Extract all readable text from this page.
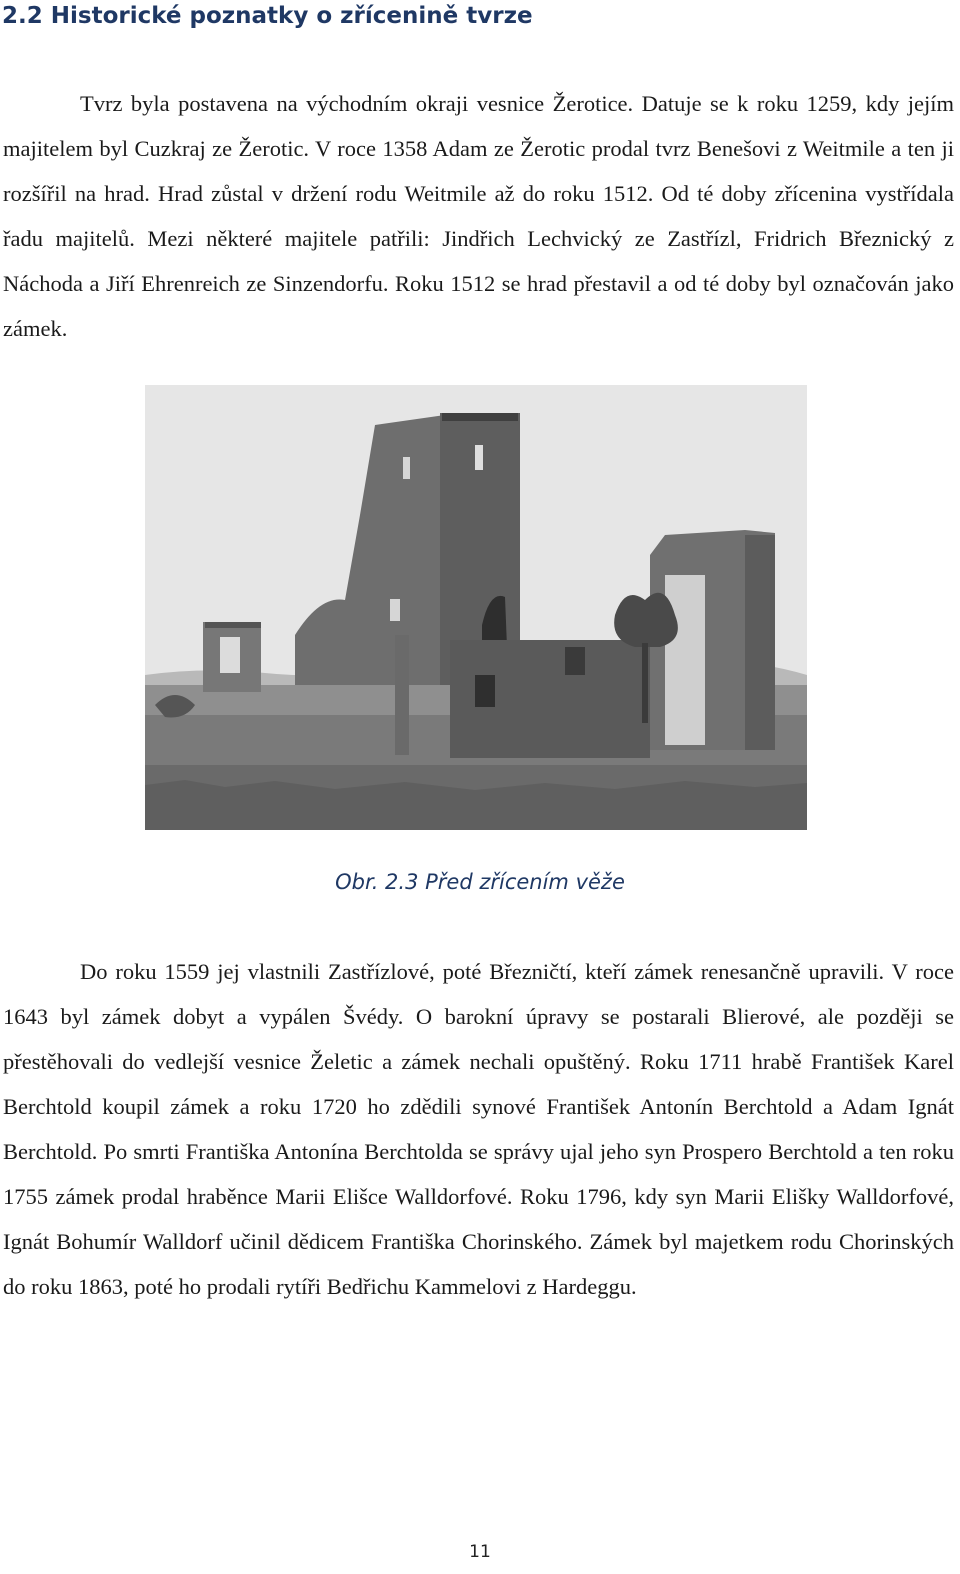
2.2 Historické poznatky o zřícenině tvrze

Tvrz byla postavena na východním okraji vesnice Žerotice. Datuje se k roku 1259, kdy jejím majitelem byl Cuzkraj ze Žerotic. V roce 1358 Adam ze Žerotic prodal tvrz Benešovi z Weitmile a ten ji rozšířil na hrad. Hrad zůstal v držení rodu Weitmile až do roku 1512. Od té doby zřícenina vystřídala řadu majitelů. Mezi některé majitele patřili: Jindřich Lechvický ze Zastřízl, Fridrich Březnický z Náchoda a Jiří Ehrenreich ze Sinzendorfu. Roku 1512 se hrad přestavil a od té doby byl označován jako zámek.

Obr. 2.3 Před zřícením věže

Do roku 1559 jej vlastnili Zastřízlové, poté Březničtí, kteří zámek renesančně upravili. V roce 1643 byl zámek dobyt a vypálen Švédy. O barokní úpravy se postarali Blierové, ale později se přestěhovali do vedlejší vesnice Želetic a zámek nechali opuštěný. Roku 1711 hrabě František Karel Berchtold koupil zámek a roku 1720 ho zdědili synové František Antonín Berchtold a Adam Ignát Berchtold. Po smrti Františka Antonína Berchtolda se správy ujal jeho syn Prospero Berchtold a ten roku 1755 zámek prodal hraběnce Marii Elišce Walldorfové. Roku 1796, kdy syn Marii Elišky Walldorfové, Ignát Bohumír Walldorf učinil dědicem Františka Chorinského. Zámek byl majetkem rodu Chorinských do roku 1863, poté ho prodali rytíři Bedřichu Kammelovi z Hardeggu.

11
